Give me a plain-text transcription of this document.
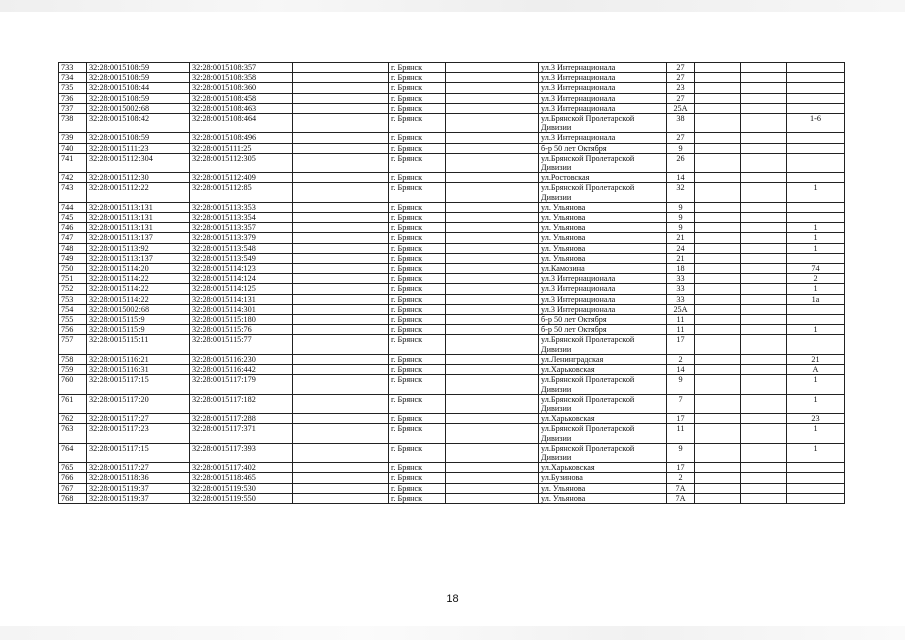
733	32:28:0015108:59	32:28:0015108:357		г. Брянск		ул.3 Интернационала	27			
734	32:28:0015108:59	32:28:0015108:358		г. Брянск		ул.3 Интернационала	27			
735	32:28:0015108:44	32:28:0015108:360		г. Брянск		ул.3 Интернационала	23			
736	32:28:0015108:59	32:28:0015108:458		г. Брянск		ул.3 Интернационала	27			
737	32:28:0015002:68	32:28:0015108:463		г. Брянск		ул.3 Интернационала	25А			
738	32:28:0015108:42	32:28:0015108:464		г. Брянск		ул.Брянской Пролетарской Дивизии	38			1-6
739	32:28:0015108:59	32:28:0015108:496		г. Брянск		ул.3 Интернационала	27			
740	32:28:0015111:23	32:28:0015111:25		г. Брянск		б-р 50 лет Октября	9			
741	32:28:0015112:304	32:28:0015112:305		г. Брянск		ул.Брянской Пролетарской Дивизии	26			
742	32:28:0015112:30	32:28:0015112:409		г. Брянск		ул.Ростовская	14			
743	32:28:0015112:22	32:28:0015112:85		г. Брянск		ул.Брянской Пролетарской Дивизии	32			1
744	32:28:0015113:131	32:28:0015113:353		г. Брянск		ул. Ульянова	9			
745	32:28:0015113:131	32:28:0015113:354		г. Брянск		ул. Ульянова	9			
746	32:28:0015113:131	32:28:0015113:357		г. Брянск		ул. Ульянова	9			1
747	32:28:0015113:137	32:28:0015113:379		г. Брянск		ул. Ульянова	21			1
748	32:28:0015113:92	32:28:0015113:548		г. Брянск		ул. Ульянова	24			1
749	32:28:0015113:137	32:28:0015113:549		г. Брянск		ул. Ульянова	21			
750	32:28:0015114:20	32:28:0015114:123		г. Брянск		ул.Камозина	18			74
751	32:28:0015114:22	32:28:0015114:124		г. Брянск		ул.3 Интернационала	33			2
752	32:28:0015114:22	32:28:0015114:125		г. Брянск		ул.3 Интернационала	33			1
753	32:28:0015114:22	32:28:0015114:131		г. Брянск		ул.3 Интернационала	33			1а
754	32:28:0015002:68	32:28:0015114:301		г. Брянск		ул.3 Интернационала	25А			
755	32:28:0015115:9	32:28:0015115:180		г. Брянск		б-р 50 лет Октября	11			
756	32:28:0015115:9	32:28:0015115:76		г. Брянск		б-р 50 лет Октября	11			1
757	32:28:0015115:11	32:28:0015115:77		г. Брянск		ул.Брянской Пролетарской Дивизии	17			
758	32:28:0015116:21	32:28:0015116:230		г. Брянск		ул.Ленинградская	2			21
759	32:28:0015116:31	32:28:0015116:442		г. Брянск		ул.Харьковская	14			А
760	32:28:0015117:15	32:28:0015117:179		г. Брянск		ул.Брянской Пролетарской Дивизии	9			1
761	32:28:0015117:20	32:28:0015117:182		г. Брянск		ул.Брянской Пролетарской Дивизии	7			1
762	32:28:0015117:27	32:28:0015117:288		г. Брянск		ул.Харьковская	17			23
763	32:28:0015117:23	32:28:0015117:371		г. Брянск		ул.Брянской Пролетарской Дивизии	11			1
764	32:28:0015117:15	32:28:0015117:393		г. Брянск		ул.Брянской Пролетарской Дивизии	9			1
765	32:28:0015117:27	32:28:0015117:402		г. Брянск		ул.Харьковская	17			
766	32:28:0015118:36	32:28:0015118:465		г. Брянск		ул.Бузинова	2			
767	32:28:0015119:37	32:28:0015119:530		г. Брянск		ул. Ульянова	7А			
768	32:28:0015119:37	32:28:0015119:550		г. Брянск		ул. Ульянова	7А			
18
